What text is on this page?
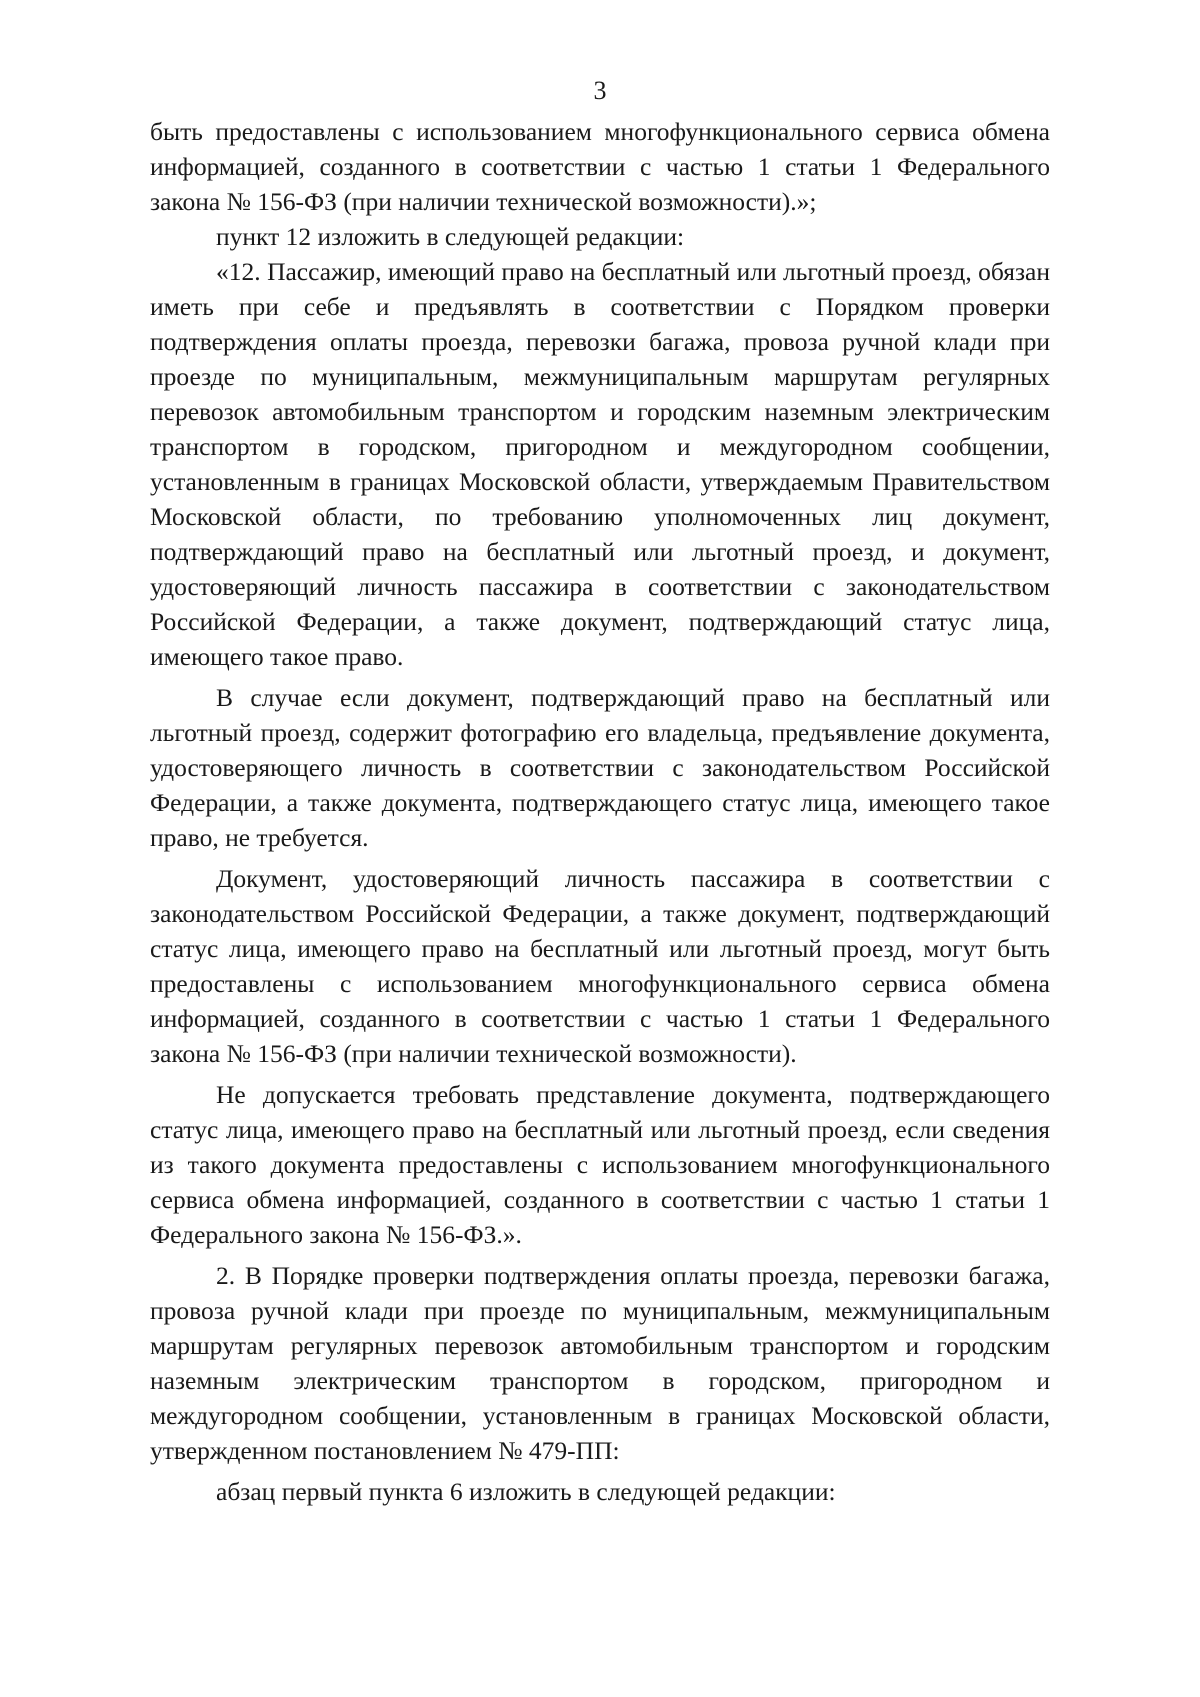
3

быть предоставлены с использованием многофункционального сервиса обмена информацией, созданного в соответствии с частью 1 статьи 1 Федерального закона № 156-ФЗ (при наличии технической возможности).»;

пункт 12 изложить в следующей редакции:

«12. Пассажир, имеющий право на бесплатный или льготный проезд, обязан иметь при себе и предъявлять в соответствии с Порядком проверки подтверждения оплаты проезда, перевозки багажа, провоза ручной клади при проезде по муниципальным, межмуниципальным маршрутам регулярных перевозок автомобильным транспортом и городским наземным электрическим транспортом в городском, пригородном и междугородном сообщении, установленным в границах Московской области, утверждаемым Правительством Московской области, по требованию уполномоченных лиц документ, подтверждающий право на бесплатный или льготный проезд, и документ, удостоверяющий личность пассажира в соответствии с законодательством Российской Федерации, а также документ, подтверждающий статус лица, имеющего такое право.

В случае если документ, подтверждающий право на бесплатный или льготный проезд, содержит фотографию его владельца, предъявление документа, удостоверяющего личность в соответствии с законодательством Российской Федерации, а также документа, подтверждающего статус лица, имеющего такое право, не требуется.

Документ, удостоверяющий личность пассажира в соответствии с законодательством Российской Федерации, а также документ, подтверждающий статус лица, имеющего право на бесплатный или льготный проезд, могут быть предоставлены с использованием многофункционального сервиса обмена информацией, созданного в соответствии с частью 1 статьи 1 Федерального закона № 156-ФЗ (при наличии технической возможности).

Не допускается требовать представление документа, подтверждающего статус лица, имеющего право на бесплатный или льготный проезд, если сведения из такого документа предоставлены с использованием многофункционального сервиса обмена информацией, созданного в соответствии с частью 1 статьи 1 Федерального закона № 156-ФЗ.».

2. В Порядке проверки подтверждения оплаты проезда, перевозки багажа, провоза ручной клади при проезде по муниципальным, межмуниципальным маршрутам регулярных перевозок автомобильным транспортом и городским наземным электрическим транспортом в городском, пригородном и междугородном сообщении, установленным в границах Московской области, утвержденном постановлением № 479-ПП:

абзац первый пункта 6 изложить в следующей редакции:
